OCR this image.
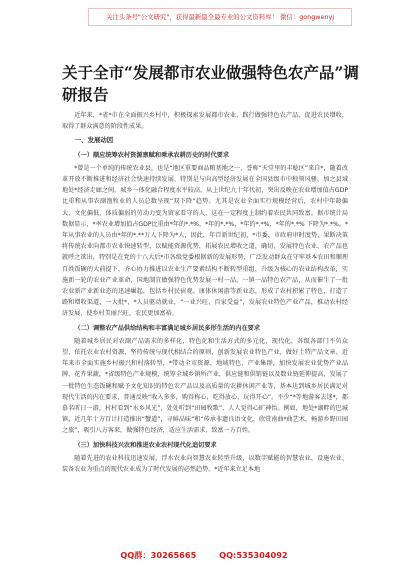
关注头条号"公文研究"，获得最新最全最专业的公文资料库！ 微信：gongwenyj
关于全市“发展都市农业做强特色农产品”调研报告

近年来，*省*市在全面振兴乡村中，积极探索发展都市农业，践行做强特色农产品、促进农民增收，取得了群众满意的阶段性成果。

一、发展动因

（一）顺应统筹农村资源禀赋和乘承农耕历史的时代要求

*曾是一个单纯的传统农业县，也是“地区重要商品粮基地之一，誉称“天堂里的丰稔区”来自*，随着改革开放不断推进和经济社会快速持续发展，特别是与向高型经济发展在全国县级市中独领风骚，加之县域地处*经济走廊之间，城乡一体化融合程度水平较高，从上世纪九十年代初，突出反映在农业增加值占GDP比重和从事农副渔牧业的人员总数呈现“双下降”趋势。尤其是农业全面实行规模经营后，农村中年龄偏大、文化偏低、体质偏弱的劳动力变为留家看守的人，这在一定程度上制约着农民共同致富。据市统计局数据显示，*率农业增加值占GDP比重由*年的*.*%，*年的*.*%，*年的*.*%，*年的*.*% 下降为*.*%。*年从事农业的人员由*年的*.**万人下降为*人，因此，年百新世纪初，*市委、市政府审时度势，果断决策将传统农业向都市农业快速转型，以赋能资源优势，拓展农民增收之道，确切，发展特色农业、农产品也就呼之欲出，特别是在党的十八大后*市各级党委根据新的发展形势，广泛发动群众在守牢基本农田和顺理百姓饭碗的大前提下，齐心协力推进以农业生产要素结构不断转型重组，升级为核心的农业结构改革，实施新一轮的农业产业革命，国地制宜做强特色优势发展一村一品，一镇一品特色农产品，从而催生了一批农业新产业新业态的迅速崛起，包括乡村民宿观、康体休闲游等新业态，形成了农村积累了特色，打造了路和增收渠道，一大批*，*人员驱动就业，“一业兴旺，百家受益”，发展农业特色产业产品，推动农村经济发展，使乡村美丽兴旺，农民更加富裕。

（二）调整农产品供给结构和丰富满足城乡居民多形生活的内在要求

随着城乡居民对农副产品需求的多样化，特色化和生活方式的多元化，现代化，各级各部门不负众望，依托农业农村资源，坚持传统与现代相结合的原则，创新发展农业特色产业，做好土特产品文章。近年来市全面实施乡村振兴和村落转型，*带动全市资源，地域特色、产业集群，加快发展农业优势产业品牌、花卉果蔬，*省级特色产业规模，统筹全域乡镇所产业，供应链和供销链以及数业链延伸提高，发展了一批特色生态饭碗和赋予文化知识的特色农产品以及高质量的农耕休闲产业等，基本达到城乡居民满足对现代生活的内在要求，普通反映“收入多多，购得称心，吃得放心，玩得开心”。不少“*等地游客去迷*，都慕名听日一游，村村看到“水乡风光”，处处听到“田园牧歌”，人人觉得心旷神怡。例如，地处*湖畔的巴城镇，近几年十方百计打造推出“蟹道”，寻鲜品味“和“传承非遗良语文化，欣赏南曲*曲艺术，畅游乡野田园之旅”，吸引八方客来，做强特色经济，适应生活需求，致富一方百姓。

（三）加快科技兴农和推进农业农村现代化追切要求

随着先进的农业科技迅速发展，浮水农业向智慧农业转型升级，以数字赋能的智慧农业、设施农业、装备农业为重点的现代农业成为了时代发展的必然趋势。*近年来立足本地

QQ群：30265665	QQ:535304092
